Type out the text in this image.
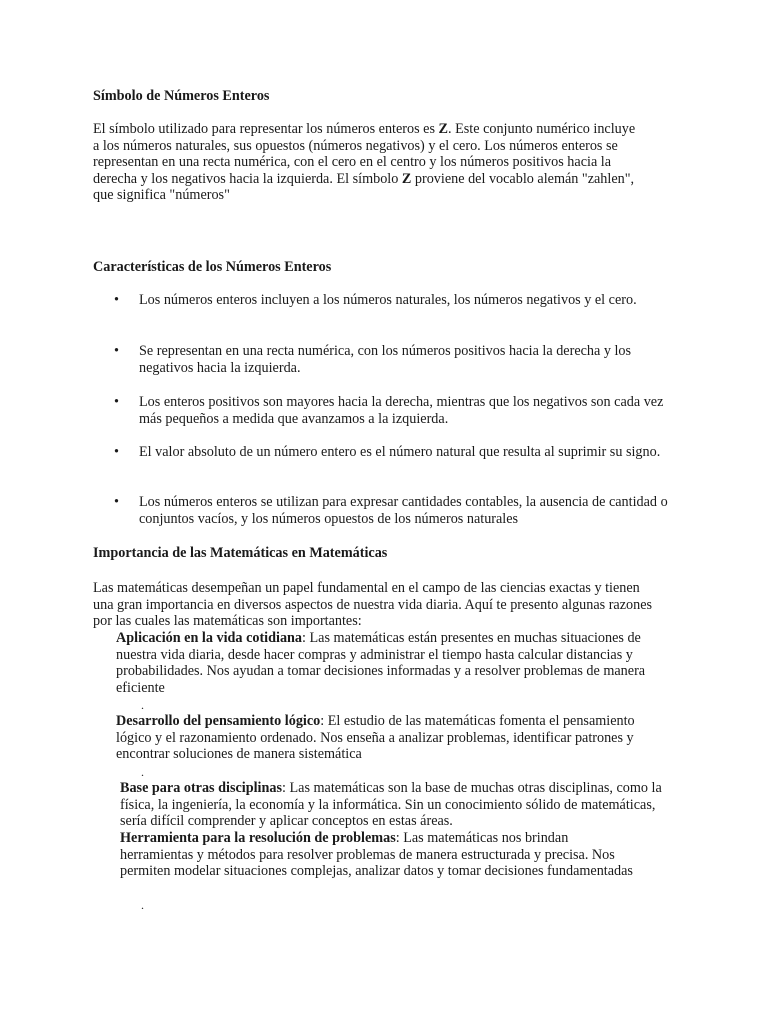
Símbolo de Números Enteros

El símbolo utilizado para representar los números enteros es Z. Este conjunto numérico incluye a los números naturales, sus opuestos (números negativos) y el cero. Los números enteros se representan en una recta numérica, con el cero en el centro y los números positivos hacia la derecha y los negativos hacia la izquierda. El símbolo Z proviene del vocablo alemán "zahlen", que significa "números"

Características de los Números Enteros
•	Los números enteros incluyen a los números naturales, los números negativos y el cero.
•	Se representan en una recta numérica, con los números positivos hacia la derecha y los negativos hacia la izquierda.
•	Los enteros positivos son mayores hacia la derecha, mientras que los negativos son cada vez más pequeños a medida que avanzamos a la izquierda.
•	El valor absoluto de un número entero es el número natural que resulta al suprimir su signo.
•	Los números enteros se utilizan para expresar cantidades contables, la ausencia de cantidad o conjuntos vacíos, y los números opuestos de los números naturales
Importancia de las Matemáticas en Matemáticas

Las matemáticas desempeñan un papel fundamental en el campo de las ciencias exactas y tienen una gran importancia en diversos aspectos de nuestra vida diaria. Aquí te presento algunas razones por las cuales las matemáticas son importantes:

Aplicación en la vida cotidiana: Las matemáticas están presentes en muchas situaciones de nuestra vida diaria, desde hacer compras y administrar el tiempo hasta calcular distancias y probabilidades. Nos ayudan a tomar decisiones informadas y a resolver problemas de manera eficiente
.
Desarrollo del pensamiento lógico: El estudio de las matemáticas fomenta el pensamiento lógico y el razonamiento ordenado. Nos enseña a analizar problemas, identificar patrones y encontrar soluciones de manera sistemática
.
Base para otras disciplinas: Las matemáticas son la base de muchas otras disciplinas, como la física, la ingeniería, la economía y la informática. Sin un conocimiento sólido de matemáticas, sería difícil comprender y aplicar conceptos en estas áreas.
Herramienta para la resolución de problemas: Las matemáticas nos brindan herramientas y métodos para resolver problemas de manera estructurada y precisa. Nos permiten modelar situaciones complejas, analizar datos y tomar decisiones fundamentadas
.
